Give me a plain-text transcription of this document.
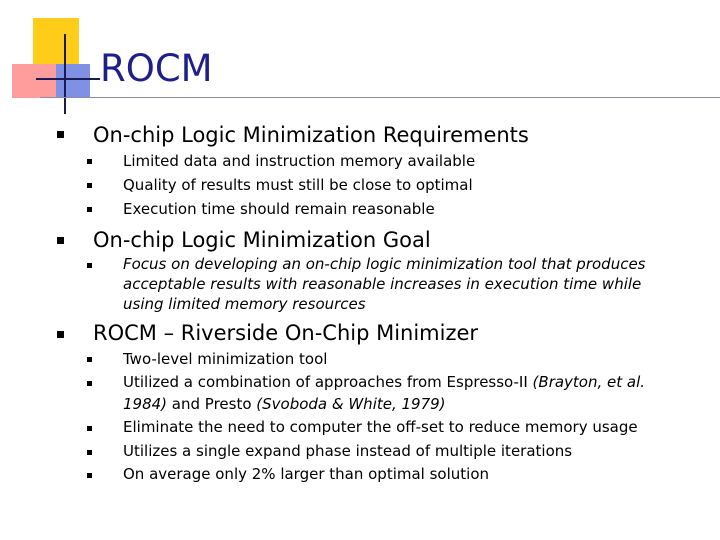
ROCM
On-chip Logic Minimization Requirements
Limited data and instruction memory available
Quality of results must still be close to optimal
Execution time should remain reasonable
On-chip Logic Minimization Goal
Focus on developing an on-chip logic minimization tool that produces
acceptable results with reasonable increases in execution time while
using limited memory resources
ROCM – Riverside On-Chip Minimizer
Two-level minimization tool
Utilized a combination of approaches from Espresso-II (Brayton, et al.
1984) and Presto (Svoboda & White, 1979)
Eliminate the need to computer the off-set to reduce memory usage
Utilizes a single expand phase instead of multiple iterations
On average only 2% larger than optimal solution
